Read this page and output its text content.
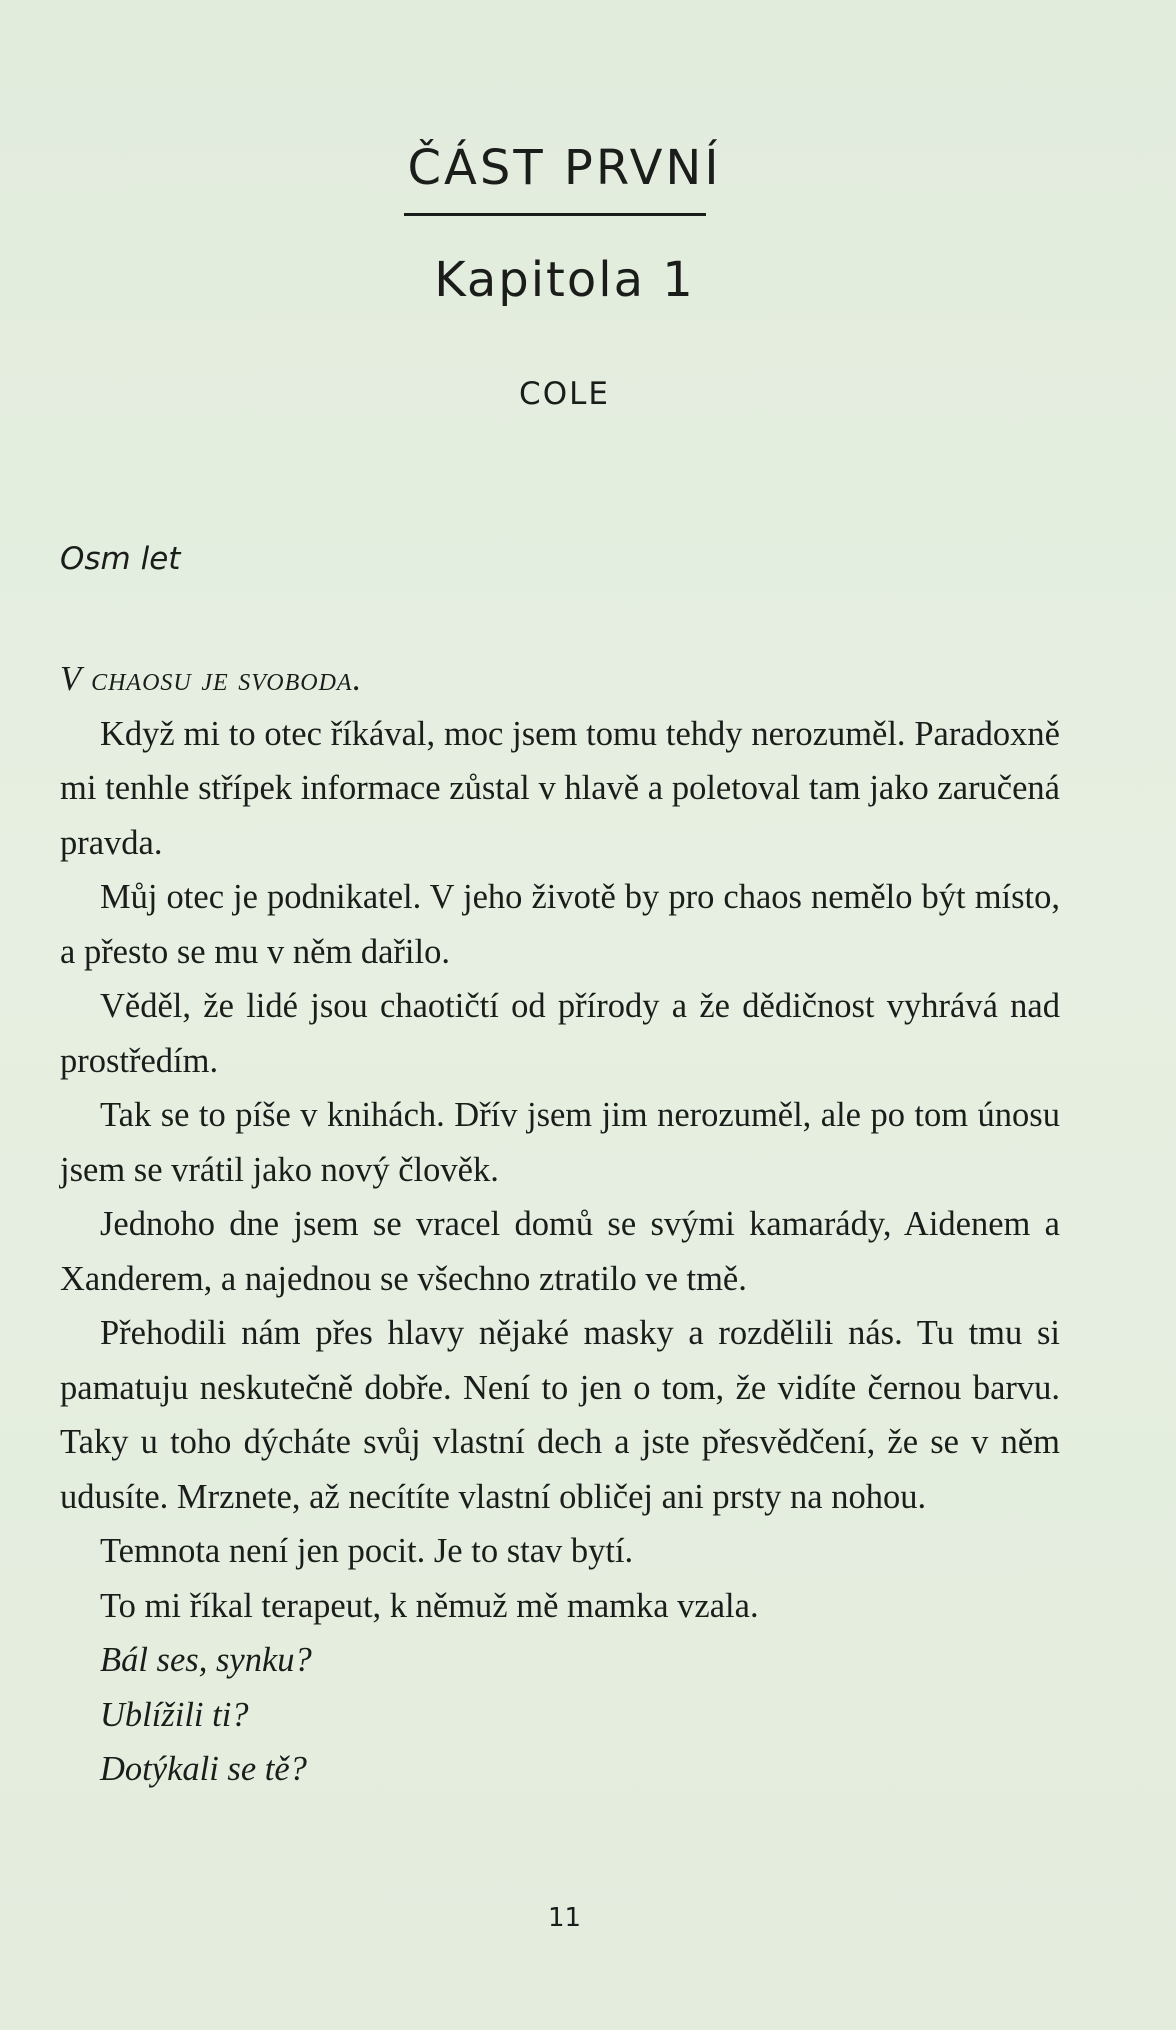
ČÁST PRVNÍ
Kapitola 1
COLE
Osm let

V chaosu je svoboda.

Když mi to otec říkával, moc jsem tomu tehdy nerozuměl. Paradoxně mi tenhle střípek informace zůstal v hlavě a poletoval tam jako zaručená pravda.

Můj otec je podnikatel. V jeho životě by pro chaos nemělo být místo, a přesto se mu v něm dařilo.

Věděl, že lidé jsou chaotičtí od přírody a že dědičnost vyhrává nad prostředím.

Tak se to píše v knihách. Dřív jsem jim nerozuměl, ale po tom únosu jsem se vrátil jako nový člověk.

Jednoho dne jsem se vracel domů se svými kamarády, Aidenem a Xanderem, a najednou se všechno ztratilo ve tmě.

Přehodili nám přes hlavy nějaké masky a rozdělili nás. Tu tmu si pamatuju neskutečně dobře. Není to jen o tom, že vidíte černou barvu. Taky u toho dýcháte svůj vlastní dech a jste přesvědčení, že se v něm udusíte. Mrznete, až necítíte vlastní obličej ani prsty na nohou.

Temnota není jen pocit. Je to stav bytí.

To mi říkal terapeut, k němuž mě mamka vzala.

Bál ses, synku?

Ublížili ti?

Dotýkali se tě?

11
